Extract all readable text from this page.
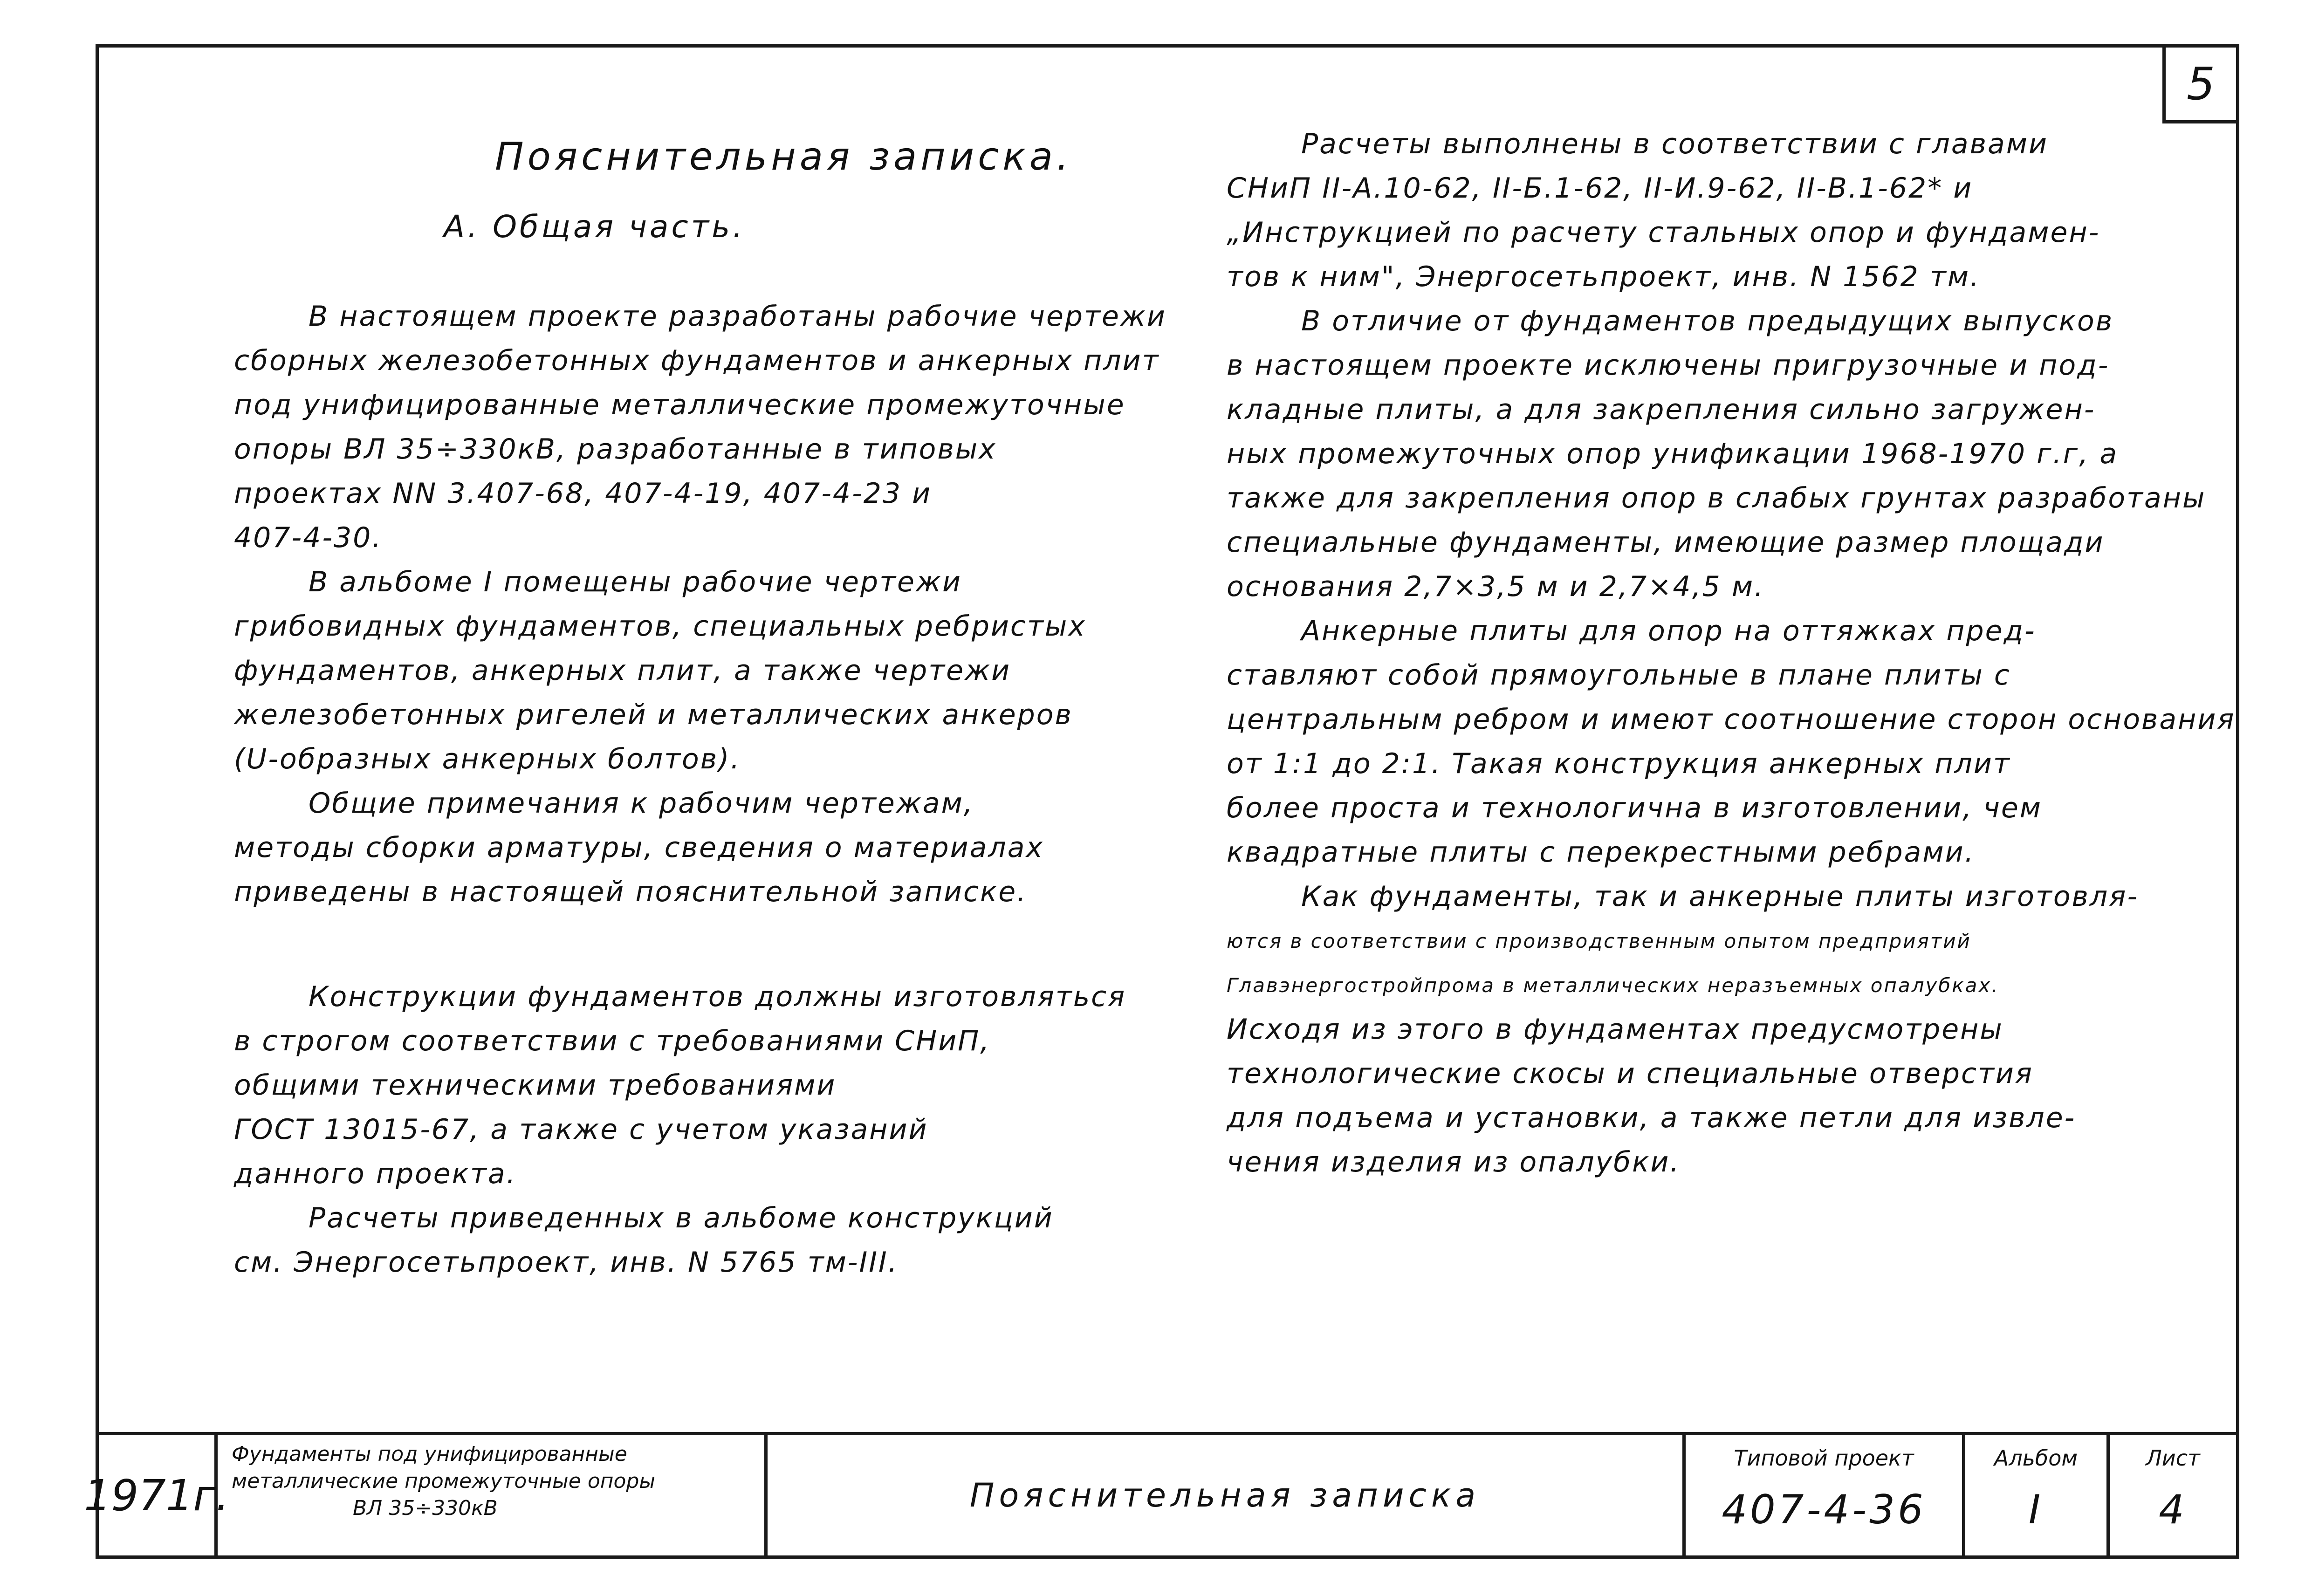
5
Пояснительная записка.
А. Общая часть.
В настоящем проекте разработаны рабочие чертежи
сборных железобетонных фундаментов и анкерных плит
под унифицированные металлические промежуточные
опоры ВЛ 35÷330кВ, разработанные в типовых
проектах NN 3.407-68, 407-4-19, 407-4-23 и
407-4-30.
В альбоме I помещены рабочие чертежи
грибовидных фундаментов, специальных ребристых
фундаментов, анкерных плит, а также чертежи
железобетонных ригелей и металлических анкеров
(U-образных анкерных болтов).
Общие примечания к рабочим чертежам,
методы сборки арматуры, сведения о материалах
приведены в настоящей пояснительной записке.
Конструкции фундаментов должны изготовляться
в строгом соответствии с требованиями СНиП,
общими техническими требованиями
ГОСТ 13015-67, а также с учетом указаний
данного проекта.
Расчеты приведенных в альбоме конструкций
см. Энергосетьпроект, инв. N 5765 тм-III.
Расчеты выполнены в соответствии с главами
СНиП II-А.10-62, II-Б.1-62, II-И.9-62, II-В.1-62* и
„Инструкцией по расчету стальных опор и фундамен-
тов к ним", Энергосетьпроект, инв. N 1562 тм.
В отличие от фундаментов предыдущих выпусков
в настоящем проекте исключены пригрузочные и под-
кладные плиты, а для закрепления сильно загружен-
ных промежуточных опор унификации 1968-1970 г.г, а
также для закрепления опор в слабых грунтах разработаны
специальные фундаменты, имеющие размер площади
основания 2,7×3,5 м и 2,7×4,5 м.
Анкерные плиты для опор на оттяжках пред-
ставляют собой прямоугольные в плане плиты с
центральным ребром и имеют соотношение сторон основания
от 1:1 до 2:1. Такая конструкция анкерных плит
более проста и технологична в изготовлении, чем
квадратные плиты с перекрестными ребрами.
Как фундаменты, так и анкерные плиты изготовля-
ются в соответствии с производственным опытом предприятий
Главэнергостройпрома в металлических неразъемных опалубках.
Исходя из этого в фундаментах предусмотрены
технологические скосы и специальные отверстия
для подъема и установки, а также петли для извле-
чения изделия из опалубки.
1971г.
Фундаменты под унифицированные
металлические промежуточные опоры
ВЛ 35÷330кВ	Пояснительная записка
Типовой проект
407-4-36
Альбом
I
Лист
4
